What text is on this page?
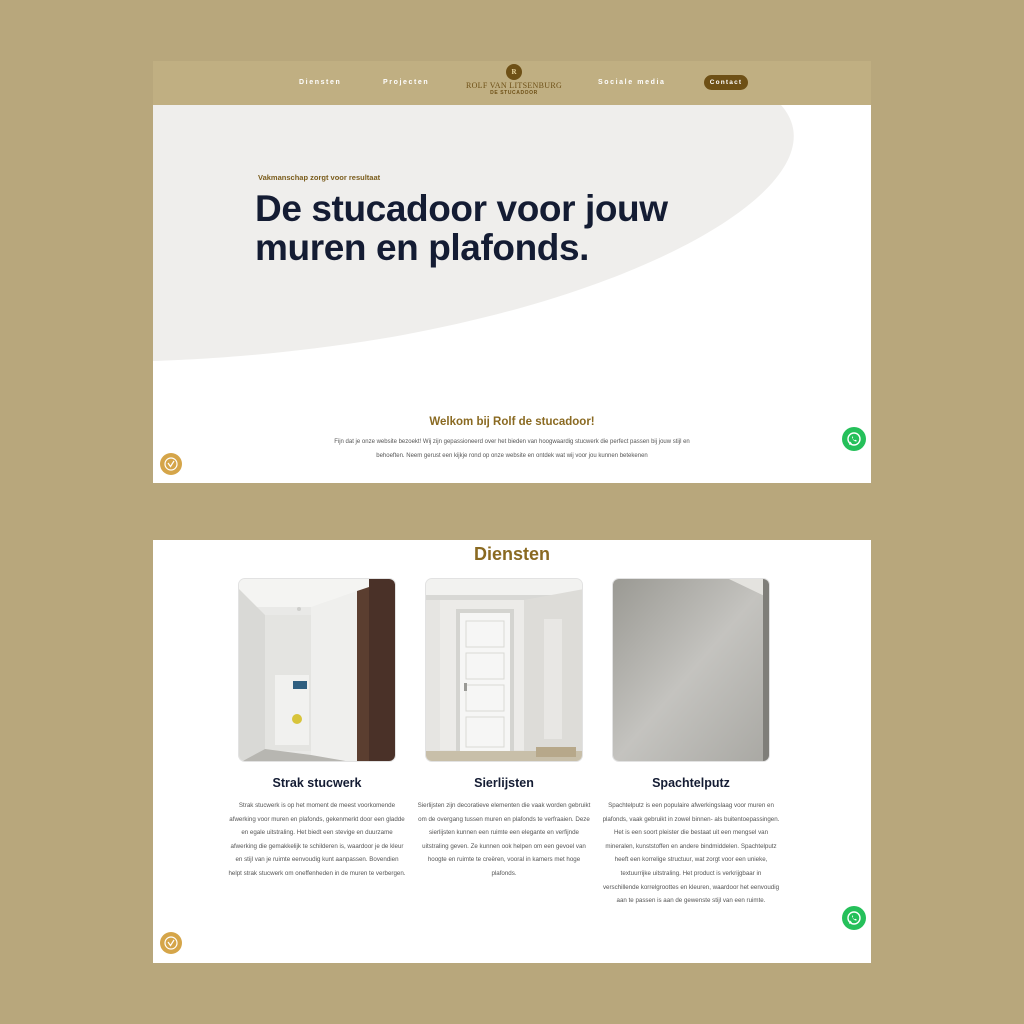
Diensten	Projecten
R
ROLF VAN LITSENBURG
DE STUCADOOR
Sociale media	Contact
Vakmanschap zorgt voor resultaat
De stucadoor voor jouw muren en plafonds.
Welkom bij Rolf de stucadoor!

Fijn dat je onze website bezoekt! Wij zijn gepassioneerd over het bieden van hoogwaardig stucwerk die perfect passen bij jouw stijl en behoeften. Neem gerust een kijkje rond op onze website en ontdek wat wij voor jou kunnen betekenen

Diensten
Strak stucwerk

Strak stucwerk is op het moment de meest voorkomende afwerking voor muren en plafonds, gekenmerkt door een gladde en egale uitstraling. Het biedt een stevige en duurzame afwerking die gemakkelijk te schilderen is, waardoor je de kleur en stijl van je ruimte eenvoudig kunt aanpassen. Bovendien helpt strak stucwerk om oneffenheden in de muren te verbergen.

Sierlijsten

Sierlijsten zijn decoratieve elementen die vaak worden gebruikt om de overgang tussen muren en plafonds te verfraaien. Deze sierlijsten kunnen een ruimte een elegante en verfijnde uitstraling geven. Ze kunnen ook helpen om een gevoel van hoogte en ruimte te creëren, vooral in kamers met hoge plafonds.

Spachtelputz

Spachtelputz is een populaire afwerkingslaag voor muren en plafonds, vaak gebruikt in zowel binnen- als buitentoepassingen. Het is een soort pleister die bestaat uit een mengsel van mineralen, kunststoffen en andere bindmiddelen. Spachtelputz heeft een korrelige structuur, wat zorgt voor een unieke, textuurrijke uitstraling. Het product is verkrijgbaar in verschillende korrelgroottes en kleuren, waardoor het eenvoudig aan te passen is aan de gewenste stijl van een ruimte.
